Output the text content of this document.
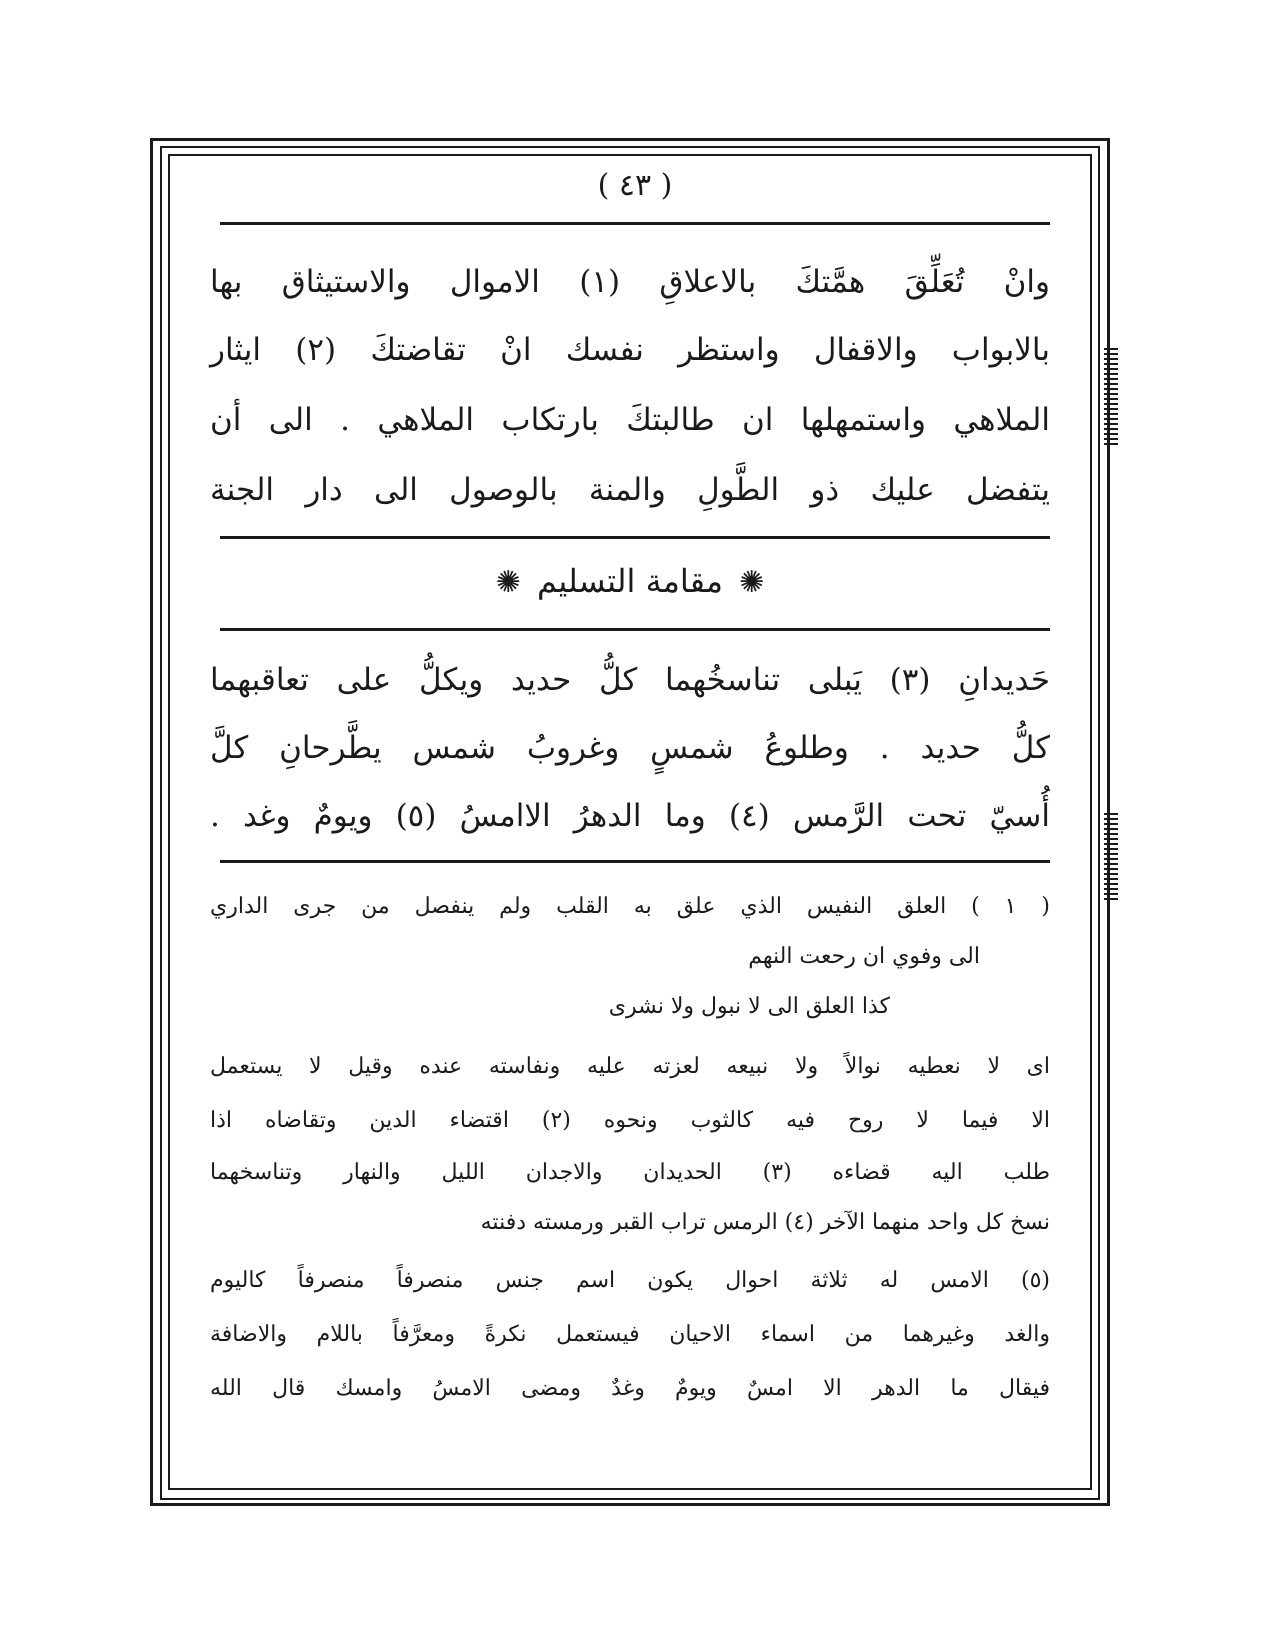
( ٤٣ )
وانْ تُعَلِّقَ همَّتكَ بالاعلاقِ (١) الاموال والاستيثاق بها
بالابواب والاقفال واستظر نفسك انْ تقاضتكَ (٢) ايثار
الملاهي واستمهلها ان طالبتكَ بارتكاب الملاهي . الى أن
يتفضل عليك ذو الطَّولِ والمنة بالوصول الى دار الجنة
✺ مقامة التسليم ✺
حَديدانِ (٣) يَبلى تناسخُهما كلُّ حديد ويكلُّ على تعاقبهما
كلُّ حديد . وطلوعُ شمسٍ وغروبُ شمس يطَّرحانِ كلَّ
أُسيّ تحت الرَّمس (٤) وما الدهرُ الاامسُ (٥) ويومٌ وغد .
( ١ ) العلق النفيس الذي علق به القلب ولم ينفصل من جرى الداري
الى وفوي ان رحعت النهم
كذا العلق الى لا نبول ولا نشرى
اى لا نعطيه نوالاً ولا نبيعه لعزته عليه ونفاسته عنده وقيل لا يستعمل
الا فيما لا روح فيه كالثوب ونحوه (٢) اقتضاء الدين وتقاضاه اذا
طلب اليه قضاءه (٣) الحديدان والاجدان الليل والنهار وتناسخهما
نسخ كل واحد منهما الآخر (٤) الرمس تراب القبر ورمسته دفنته
(٥) الامس له ثلاثة احوال يكون اسم جنس منصرفاً منصرفاً كاليوم
والغد وغيرهما من اسماء الاحيان فيستعمل نكرةً ومعرَّفاً باللام والاضافة
فيقال ما الدهر الا امسٌ ويومٌ وغدٌ ومضى الامسُ وامسك قال الله
